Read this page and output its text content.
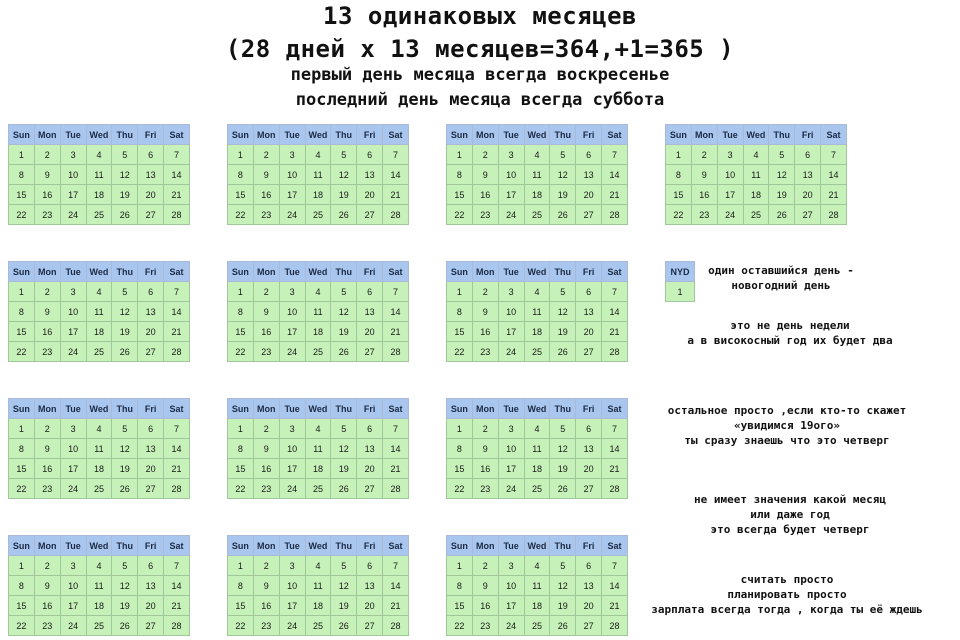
13 одинаковых месяцев
(28 дней х 13 месяцев=364,+1=365 )
первый день месяца всегда воскресенье
последний день месяца всегда суббота
Sun	Mon	Tue	Wed	Thu	Fri	Sat
1	2	3	4	5	6	7
8	9	10	11	12	13	14
15	16	17	18	19	20	21
22	23	24	25	26	27	28
Sun	Mon	Tue	Wed	Thu	Fri	Sat
1	2	3	4	5	6	7
8	9	10	11	12	13	14
15	16	17	18	19	20	21
22	23	24	25	26	27	28
Sun	Mon	Tue	Wed	Thu	Fri	Sat
1	2	3	4	5	6	7
8	9	10	11	12	13	14
15	16	17	18	19	20	21
22	23	24	25	26	27	28
Sun	Mon	Tue	Wed	Thu	Fri	Sat
1	2	3	4	5	6	7
8	9	10	11	12	13	14
15	16	17	18	19	20	21
22	23	24	25	26	27	28
Sun	Mon	Tue	Wed	Thu	Fri	Sat
1	2	3	4	5	6	7
8	9	10	11	12	13	14
15	16	17	18	19	20	21
22	23	24	25	26	27	28
Sun	Mon	Tue	Wed	Thu	Fri	Sat
1	2	3	4	5	6	7
8	9	10	11	12	13	14
15	16	17	18	19	20	21
22	23	24	25	26	27	28
Sun	Mon	Tue	Wed	Thu	Fri	Sat
1	2	3	4	5	6	7
8	9	10	11	12	13	14
15	16	17	18	19	20	21
22	23	24	25	26	27	28
Sun	Mon	Tue	Wed	Thu	Fri	Sat
1	2	3	4	5	6	7
8	9	10	11	12	13	14
15	16	17	18	19	20	21
22	23	24	25	26	27	28
Sun	Mon	Tue	Wed	Thu	Fri	Sat
1	2	3	4	5	6	7
8	9	10	11	12	13	14
15	16	17	18	19	20	21
22	23	24	25	26	27	28
Sun	Mon	Tue	Wed	Thu	Fri	Sat
1	2	3	4	5	6	7
8	9	10	11	12	13	14
15	16	17	18	19	20	21
22	23	24	25	26	27	28
Sun	Mon	Tue	Wed	Thu	Fri	Sat
1	2	3	4	5	6	7
8	9	10	11	12	13	14
15	16	17	18	19	20	21
22	23	24	25	26	27	28
Sun	Mon	Tue	Wed	Thu	Fri	Sat
1	2	3	4	5	6	7
8	9	10	11	12	13	14
15	16	17	18	19	20	21
22	23	24	25	26	27	28
Sun	Mon	Tue	Wed	Thu	Fri	Sat
1	2	3	4	5	6	7
8	9	10	11	12	13	14
15	16	17	18	19	20	21
22	23	24	25	26	27	28
NYD
1
один оставшийся день -
новогодний день
это не день недели
а в високосный год их будет два
остальное просто ,если кто-то скажет
«увидимся 19ого»
ты сразу знаешь что это четверг
не имеет значения какой месяц
или даже год
это всегда будет четверг
считать просто
планировать просто
зарплата всегда тогда , когда ты её ждешь
